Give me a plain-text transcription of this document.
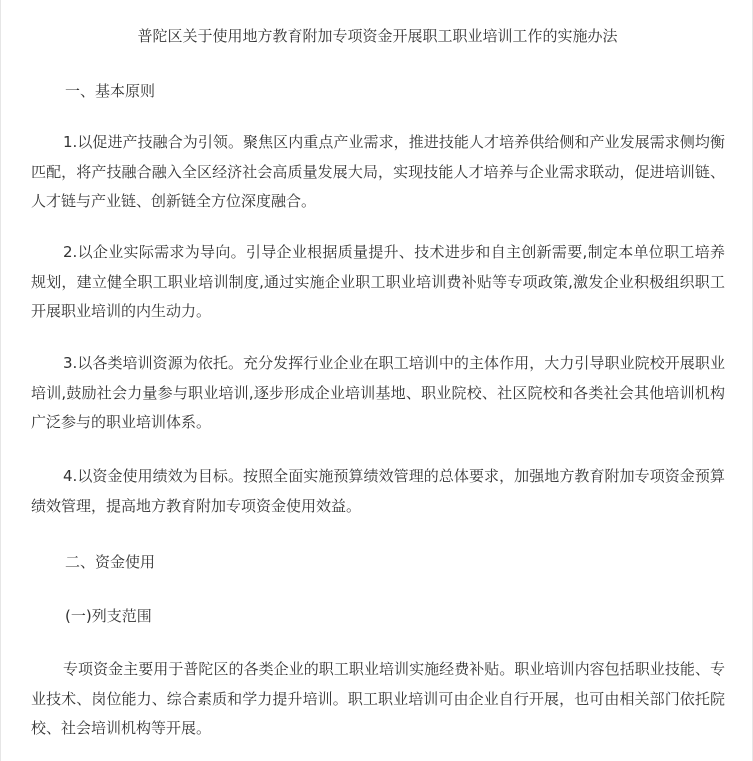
普陀区关于使用地方教育附加专项资金开展职工职业培训工作的实施办法
一、基本原则
1.以促进产技融合为引领。聚焦区内重点产业需求，推进技能人才培养供给侧和产业发展需求侧均衡匹配，将产技融合融入全区经济社会高质量发展大局，实现技能人才培养与企业需求联动，促进培训链、人才链与产业链、创新链全方位深度融合。
2.以企业实际需求为导向。引导企业根据质量提升、技术进步和自主创新需要,制定本单位职工培养规划，建立健全职工职业培训制度,通过实施企业职工职业培训费补贴等专项政策,激发企业积极组织职工开展职业培训的内生动力。
3.以各类培训资源为依托。充分发挥行业企业在职工培训中的主体作用，大力引导职业院校开展职业培训,鼓励社会力量参与职业培训,逐步形成企业培训基地、职业院校、社区院校和各类社会其他培训机构广泛参与的职业培训体系。
4.以资金使用绩效为目标。按照全面实施预算绩效管理的总体要求，加强地方教育附加专项资金预算绩效管理，提高地方教育附加专项资金使用效益。
二、资金使用
(一)列支范围
专项资金主要用于普陀区的各类企业的职工职业培训实施经费补贴。职业培训内容包括职业技能、专业技术、岗位能力、综合素质和学力提升培训。职工职业培训可由企业自行开展，也可由相关部门依托院校、社会培训机构等开展。
